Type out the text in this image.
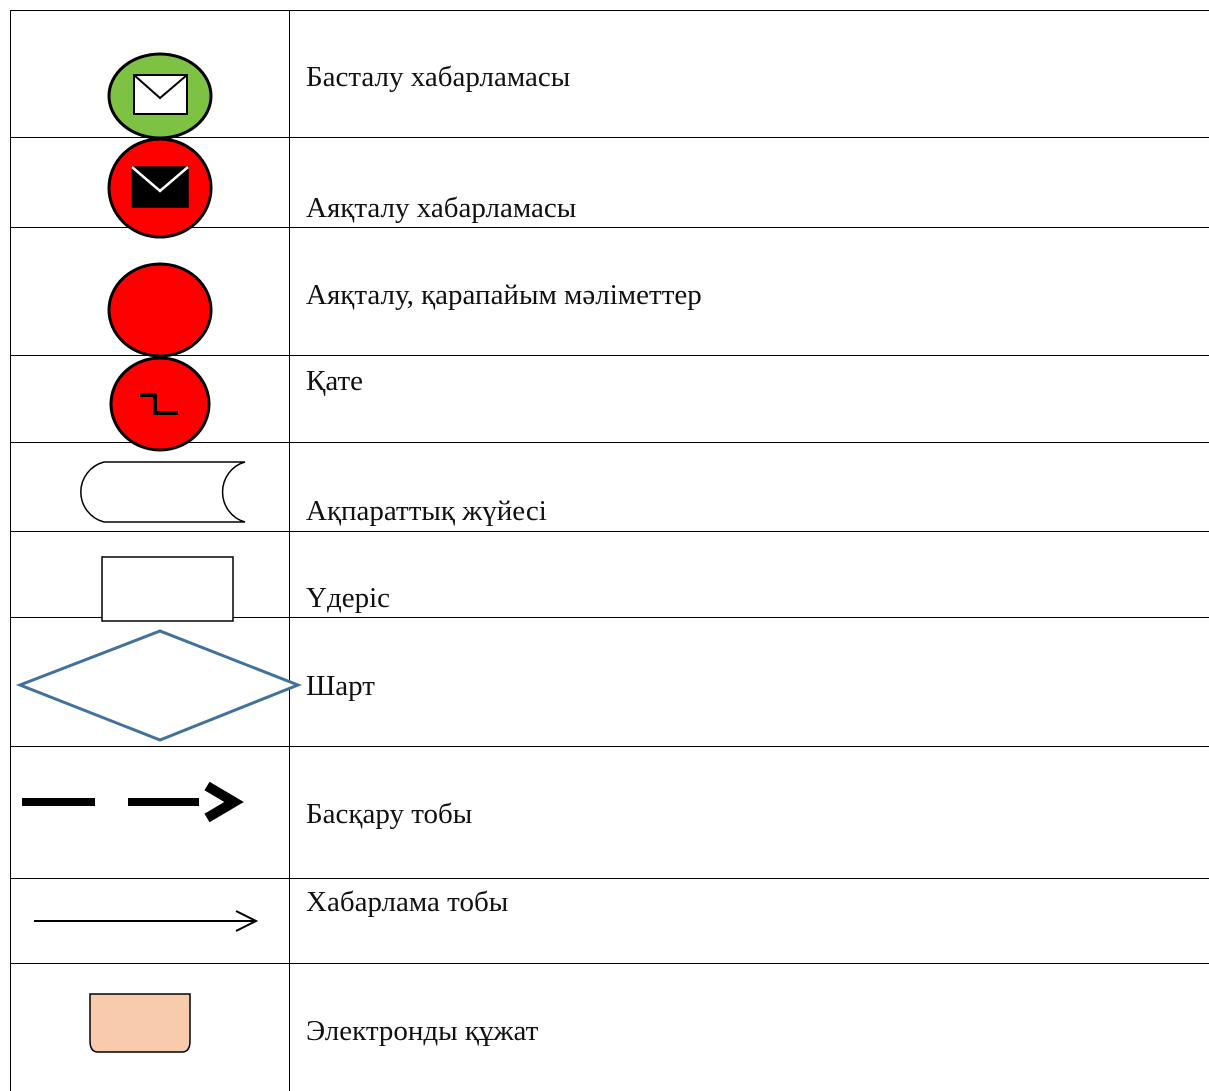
Басталу хабарламасы
Аяқталу хабарламасы
Аяқталу, қарапайым мәліметтер
Қате
Ақпараттық жүйесі
Үдеріс
Шарт
Басқару тобы
Хабарлама тобы
Электронды құжат
